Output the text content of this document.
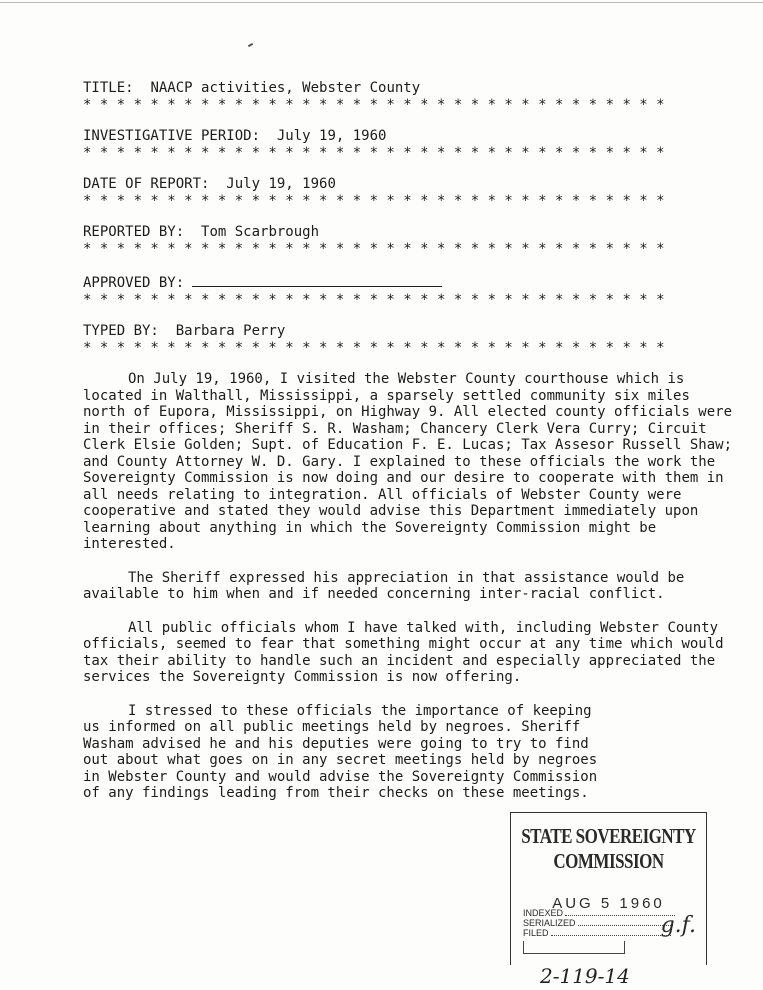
TITLE: NAACP activities, Webster County
* * * * * * * * * * * * * * * * * * * * * * * * * * * * * * * * * * *
INVESTIGATIVE PERIOD: July 19, 1960
* * * * * * * * * * * * * * * * * * * * * * * * * * * * * * * * * * *
DATE OF REPORT: July 19, 1960
* * * * * * * * * * * * * * * * * * * * * * * * * * * * * * * * * * *
REPORTED BY: Tom Scarbrough
* * * * * * * * * * * * * * * * * * * * * * * * * * * * * * * * * * *
APPROVED BY:
* * * * * * * * * * * * * * * * * * * * * * * * * * * * * * * * * * *
TYPED BY: Barbara Perry
* * * * * * * * * * * * * * * * * * * * * * * * * * * * * * * * * * *

On July 19, 1960, I visited the Webster County courthouse which is located in Walthall, Mississippi, a sparsely settled community six miles north of Eupora, Mississippi, on Highway 9. All elected county officials were in their offices; Sheriff S. R. Washam; Chancery Clerk Vera Curry; Circuit Clerk Elsie Golden; Supt. of Education F. E. Lucas; Tax Assesor Russell Shaw; and County Attorney W. D. Gary. I explained to these officials the work the Sovereignty Commission is now doing and our desire to cooperate with them in all needs relating to integration. All officials of Webster County were cooperative and stated they would advise this Department immediately upon learning about anything in which the Sovereignty Commission might be interested.

The Sheriff expressed his appreciation in that assistance would be available to him when and if needed concerning inter-racial conflict.

All public officials whom I have talked with, including Webster County officials, seemed to fear that something might occur at any time which would tax their ability to handle such an incident and especially appreciated the services the Sovereignty Commission is now offering.

I stressed to these officials the importance of keeping us informed on all public meetings held by negroes. Sheriff Washam advised he and his deputies were going to try to find out about what goes on in any secret meetings held by negroes in Webster County and would advise the Sovereignty Commission of any findings leading from their checks on these meetings.

STATE SOVEREIGNTY COMMISSION
AUG 5 1960
INDEXED
SERIALIZED
FILED	g.f.
2-119-14
